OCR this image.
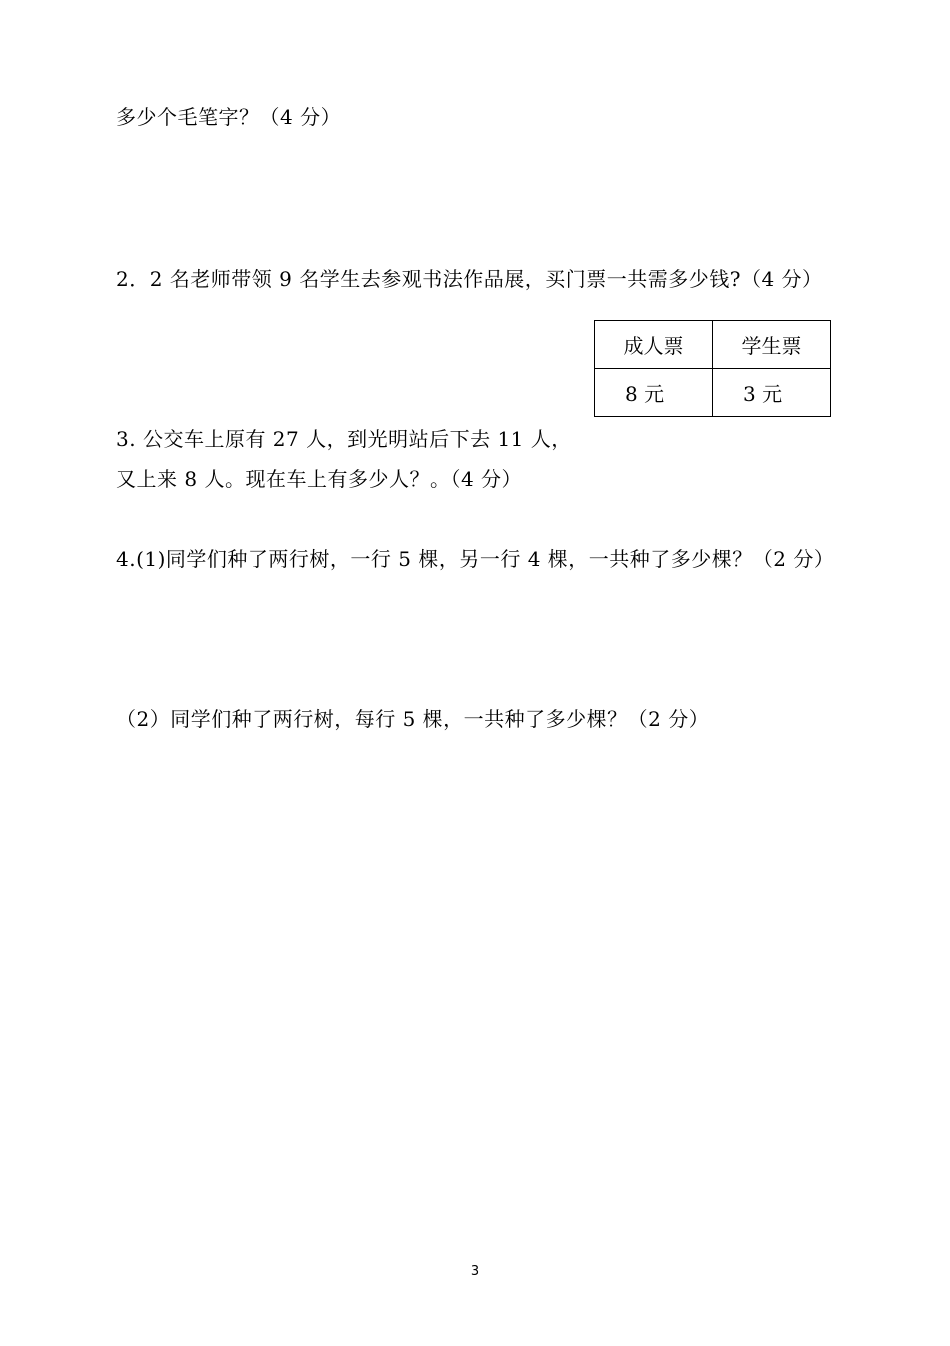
多少个毛笔字？（4 分）
2．2 名老师带领 9 名学生去参观书法作品展，买门票一共需多少钱?（4 分）
成人票	学生票
8 元	3 元
3. 公交车上原有 27 人，到光明站后下去 11 人，
又上来 8 人。现在车上有多少人？。（4 分）
4.(1)同学们种了两行树，一行 5 棵，另一行 4 棵，一共种了多少棵？（2 分）
（2）同学们种了两行树，每行 5 棵，一共种了多少棵？（2 分）
3
